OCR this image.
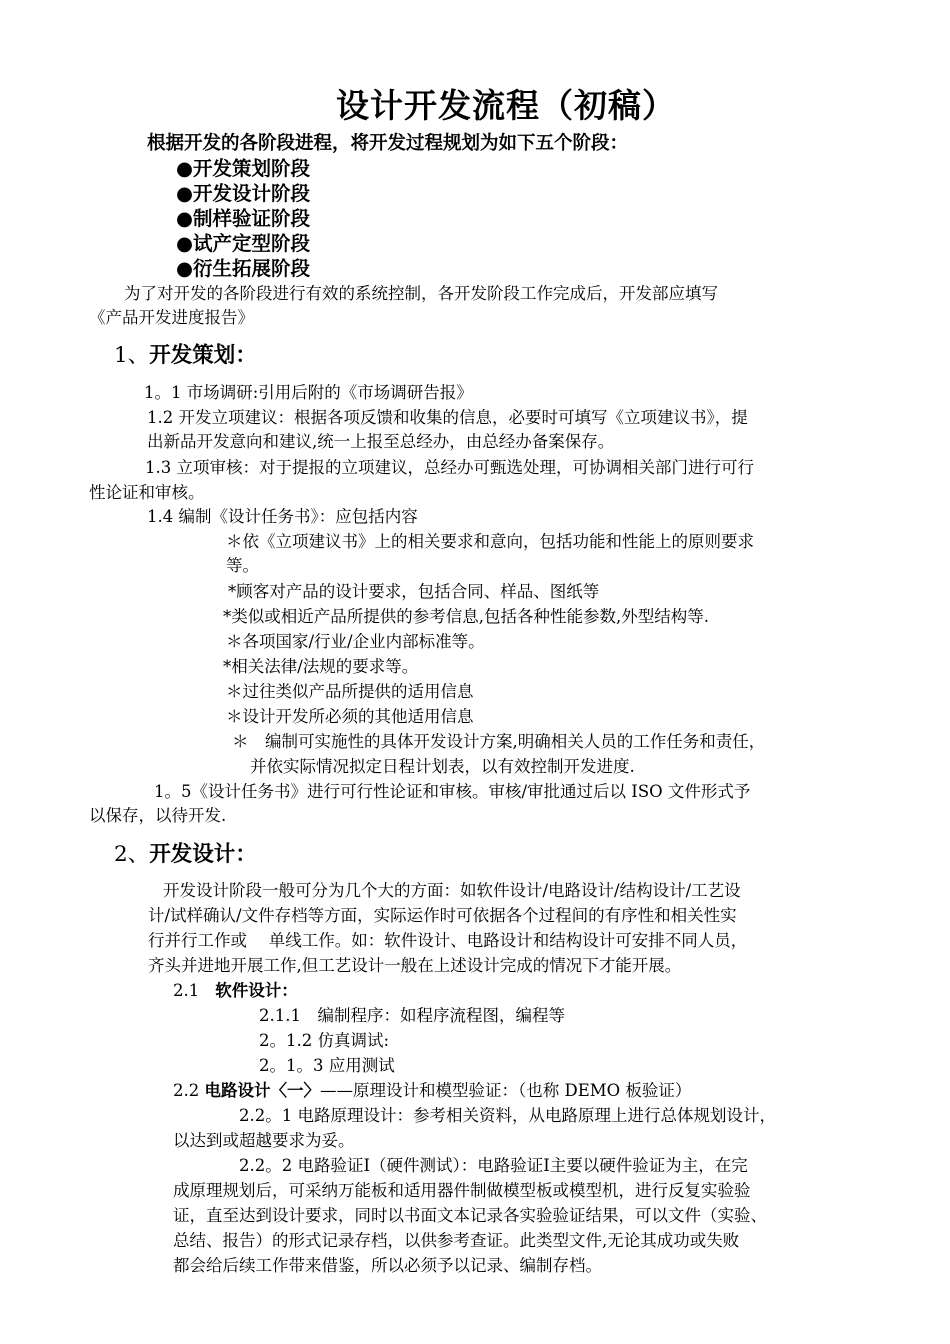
设计开发流程（初稿）
根据开发的各阶段进程，将开发过程规划为如下五个阶段：
●开发策划阶段
●开发设计阶段
●制样验证阶段
●试产定型阶段
●衍生拓展阶段
为了对开发的各阶段进行有效的系统控制，各开发阶段工作完成后，开发部应填写
《产品开发进度报告》
1、开发策划：
1。1 市场调研:引用后附的《市场调研告报》
1.2 开发立项建议：根据各项反馈和收集的信息，必要时可填写《立项建议书》，提
出新品开发意向和建议,统一上报至总经办，由总经办备案保存。
1.3 立项审核：对于提报的立项建议，总经办可甄选处理，可协调相关部门进行可行
性论证和审核。
1.4 编制《设计任务书》：应包括内容
＊依《立项建议书》上的相关要求和意向，包括功能和性能上的原则要求
等。
*顾客对产品的设计要求，包括合同、样品、图纸等
*类似或相近产品所提供的参考信息,包括各种性能参数,外型结构等.
＊各项国家/行业/企业内部标准等。
*相关法律/法规的要求等。
＊过往类似产品所提供的适用信息
＊设计开发所必须的其他适用信息
＊　编制可实施性的具体开发设计方案,明确相关人员的工作任务和责任，
并依实际情况拟定日程计划表，以有效控制开发进度.
1。5《设计任务书》进行可行性论证和审核。审核/审批通过后以 ISO 文件形式予
以保存，以待开发.
2、开发设计：
开发设计阶段一般可分为几个大的方面：如软件设计/电路设计/结构设计/工艺设
计/试样确认/文件存档等方面，实际运作时可依据各个过程间的有序性和相关性实
行并行工作或　 单线工作。如：软件设计、电路设计和结构设计可安排不同人员，
齐头并进地开展工作,但工艺设计一般在上述设计完成的情况下才能开展。
2.1 软件设计：
2.1.1　编制程序：如程序流程图，编程等
2。1.2 仿真调试:
2。1。3 应用测试
2.2 电路设计〈一〉——原理设计和模型验证：（也称 DEMO 板验证）
2.2。1 电路原理设计：参考相关资料，从电路原理上进行总体规划设计，
以达到或超越要求为妥。
2.2。2 电路验证Ⅰ（硬件测试）：电路验证Ⅰ主要以硬件验证为主，在完
成原理规划后，可采纳万能板和适用器件制做模型板或模型机，进行反复实验验
证，直至达到设计要求，同时以书面文本记录各实验验证结果，可以文件（实验、
总结、报告）的形式记录存档，以供参考查证。此类型文件,无论其成功或失败
都会给后续工作带来借鉴，所以必须予以记录、编制存档。
